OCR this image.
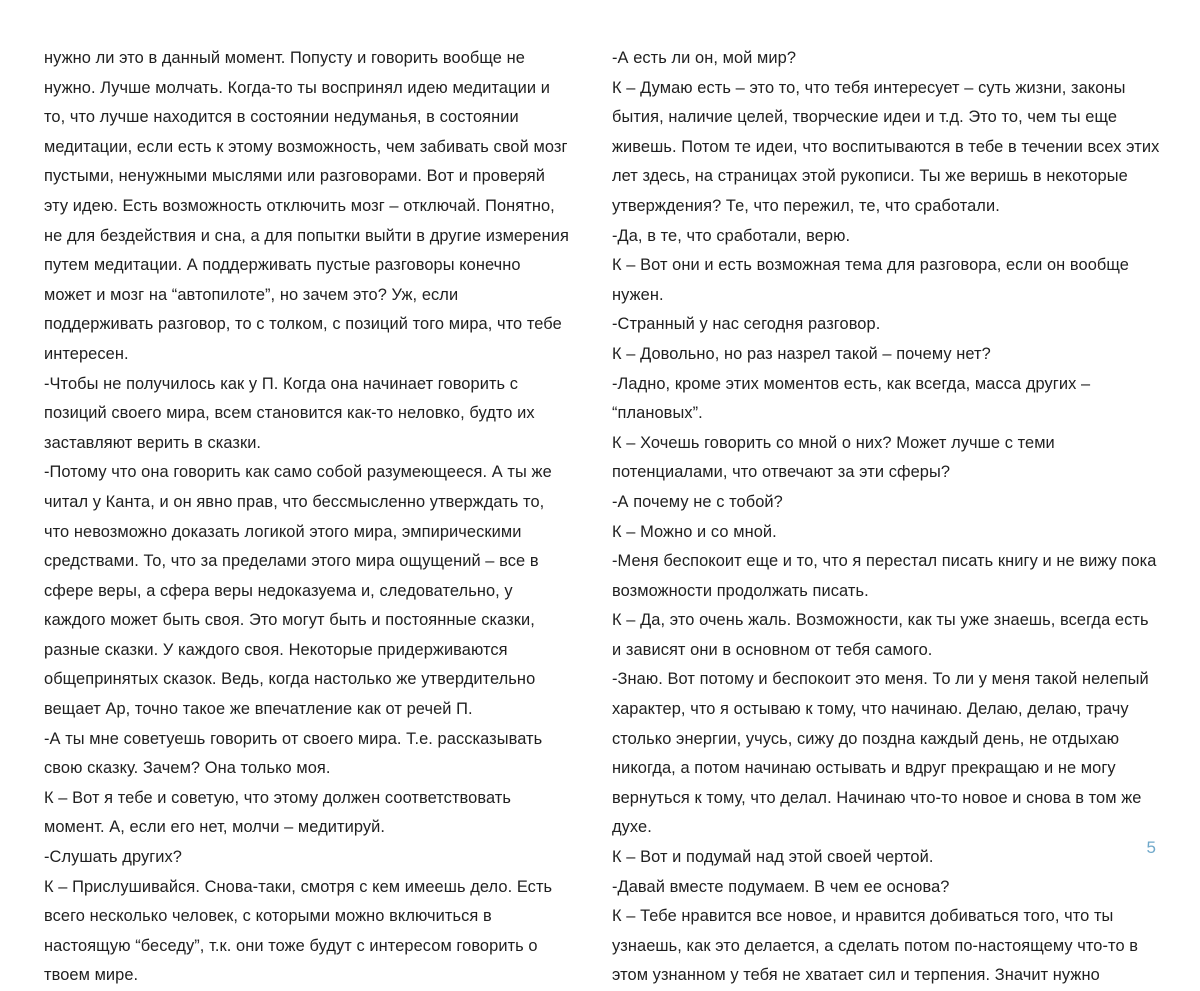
нужно ли это в данный момент. Попусту и говорить вообще не нужно. Лучше молчать. Когда-то ты воспринял идею медитации и то, что лучше находится в состоянии недуманья, в состоянии медитации, если есть к этому возможность, чем забивать свой мозг пустыми, ненужными мыслями или разговорами. Вот и проверяй эту идею. Есть возможность отключить мозг – отключай. Понятно, не для бездействия и сна, а для попытки выйти в другие измерения путем медитации. А поддерживать пустые разговоры конечно может и мозг на “автопилоте”, но зачем это? Уж, если поддерживать разговор, то с толком, с позиций того мира, что тебе интересен.

-Чтобы не получилось как у П. Когда она начинает говорить с позиций своего мира, всем становится как-то неловко, будто их заставляют верить в сказки.

-Потому что она говорить как само собой разумеющееся. А ты же читал у Канта, и он явно прав, что бессмысленно утверждать то, что невозможно доказать логикой этого мира, эмпирическими средствами. То, что за пределами этого мира ощущений – все в сфере веры, а сфера веры недоказуема и, следовательно, у каждого может быть своя. Это могут быть и постоянные сказки, разные сказки. У каждого своя. Некоторые придерживаются общепринятых сказок. Ведь, когда настолько же утвердительно вещает Ар, точно такое же впечатление как от речей П.

-А ты мне советуешь говорить от своего мира. Т.е. рассказывать свою сказку. Зачем? Она только моя.

К – Вот я тебе и советую, что этому должен соответствовать момент. А, если его нет, молчи – медитируй.

-Слушать других?

К – Прислушивайся. Снова-таки, смотря с кем имеешь дело. Есть всего несколько человек, с которыми можно включиться в настоящую “беседу”, т.к. они тоже будут с интересом говорить о твоем мире.

-А есть ли он, мой мир?

К – Думаю есть – это то, что тебя интересует – суть жизни, законы бытия, наличие целей, творческие идеи и т.д. Это то, чем ты еще живешь. Потом те идеи, что воспитываются в тебе в течении всех этих лет здесь, на страницах этой рукописи. Ты же веришь в некоторые утверждения? Те, что пережил, те, что сработали.

-Да, в те, что сработали, верю.

К – Вот они и есть возможная тема для разговора, если он вообще нужен.

-Странный у нас сегодня разговор.

К – Довольно, но раз назрел такой – почему нет?

-Ладно, кроме этих моментов есть, как всегда, масса других – “плановых”.

К – Хочешь говорить со мной о них? Может лучше с теми потенциалами, что отвечают за эти сферы?

-А почему не с тобой?

К – Можно и со мной.

-Меня беспокоит еще и то, что я перестал писать книгу и не вижу пока возможности продолжать писать.

К – Да, это очень жаль. Возможности, как ты уже знаешь, всегда есть и зависят они в основном от тебя самого.

-Знаю. Вот потому и беспокоит это меня. То ли у меня такой нелепый характер, что я остываю к тому, что начинаю. Делаю, делаю, трачу столько энергии, учусь, сижу до поздна каждый день, не отдыхаю никогда, а потом начинаю остывать и вдруг прекращаю и не могу вернуться к тому, что делал. Начинаю что-то новое и снова в том же духе.

К – Вот и подумай над этой своей чертой.

-Давай вместе подумаем. В чем ее основа?

К – Тебе нравится все новое, и нравится добиваться того, что ты узнаешь, как это делается, а сделать потом по-настоящему что-то в этом узнанном у тебя не хватает сил и терпения. Значит нужно

5
